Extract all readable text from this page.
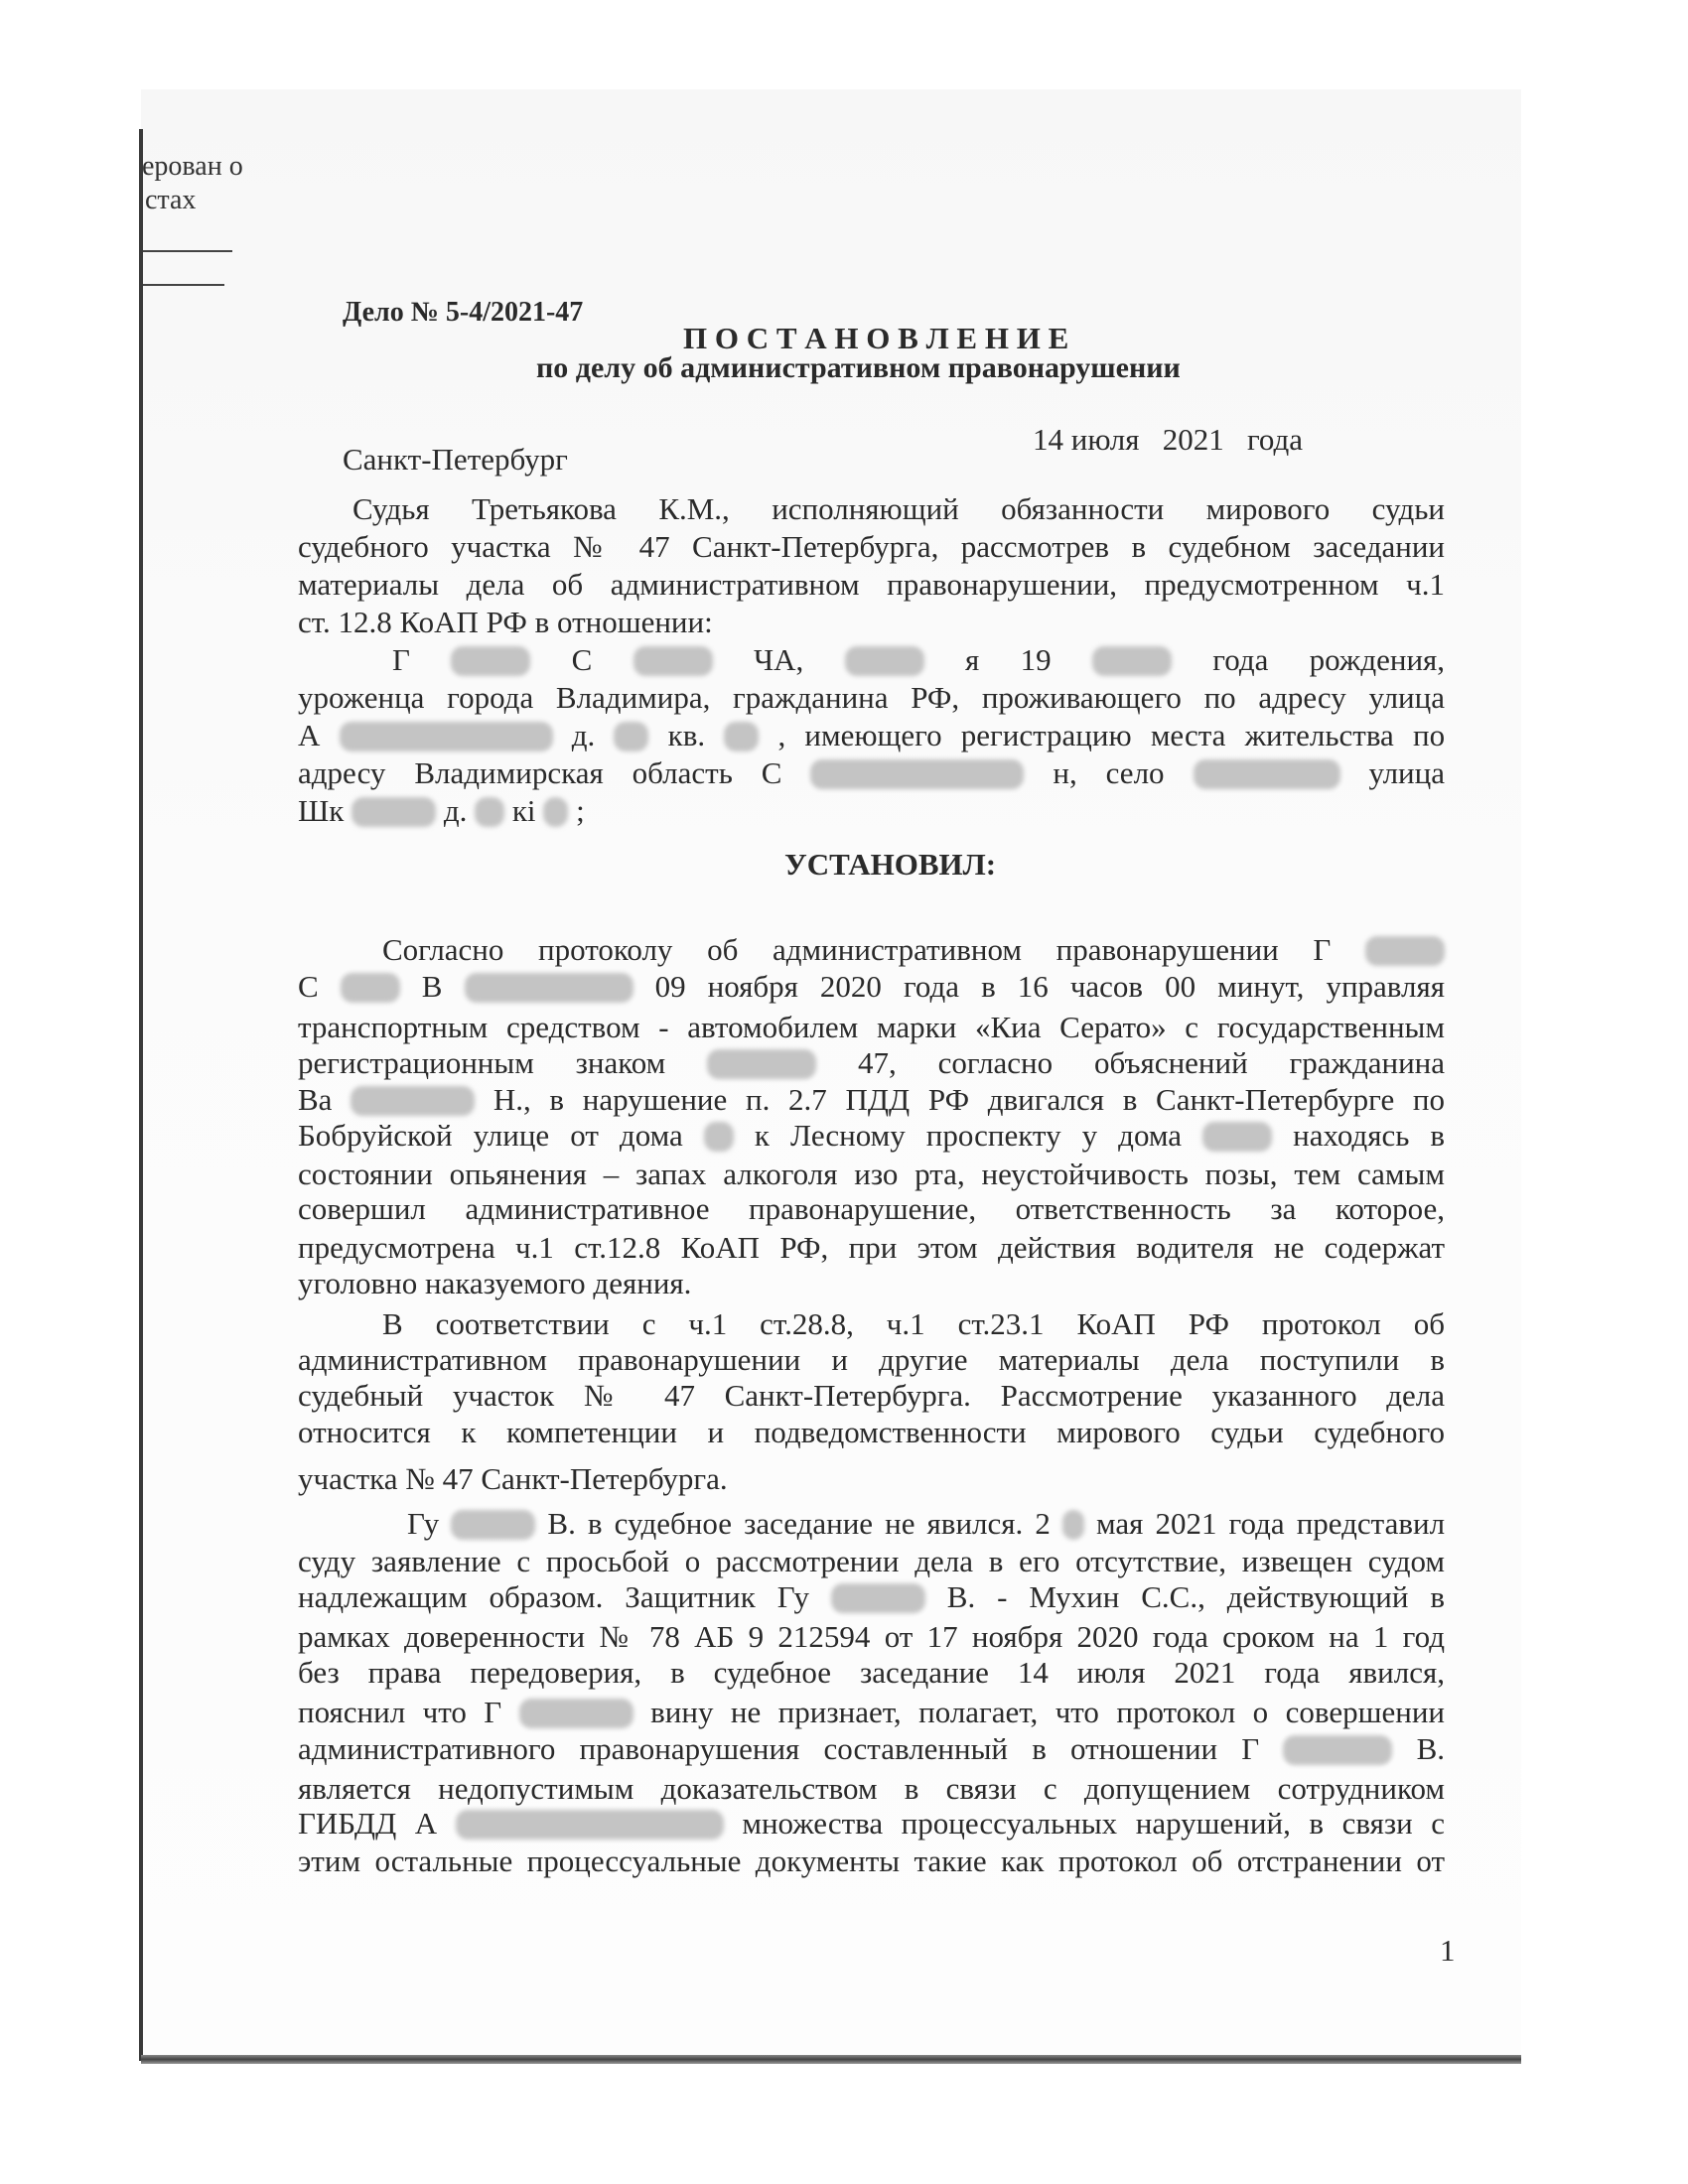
ерован о
стах
Дело № 5-4/2021-47
П О С Т А Н О В Л Е Н И Е
по делу об административном правонарушении
Санкт-Петербург
14 июля   2021   года
УСТАНОВИЛ:
Судья Третьякова К.М., исполняющий обязанности мирового судьи
судебного участка № 47 Санкт-Петербурга, рассмотрев в судебном заседании
материалы дела об административном правонарушении, предусмотренном ч.1
ст. 12.8 КоАП РФ в отношении:
Г	С	ЧА,	я 19	года рождения,
уроженца города Владимира, гражданина РФ, проживающего по адресу улица
А	д. кв. , имеющего регистрацию места жительства по
адресу Владимирская область С	н, село	улица
Шк	д. кі ;
Согласно протоколу об административном правонарушении Г
С	В	09 ноября 2020 года в 16 часов 00 минут, управляя
транспортным средством - автомобилем марки «Киа Серато» с государственным
регистрационным знаком	47, согласно объяснений гражданина
Ва	Н., в нарушение п. 2.7 ПДД РФ двигался в Санкт-Петербурге по
Бобруйской улице от дома к Лесному проспекту у дома	находясь в
состоянии опьянения – запах алкоголя изо рта, неустойчивость позы, тем самым
совершил административное правонарушение, ответственность за которое,
предусмотрена ч.1 ст.12.8 КоАП РФ, при этом действия водителя не содержат
уголовно наказуемого деяния.
В соответствии с ч.1 ст.28.8, ч.1 ст.23.1 КоАП РФ протокол об
административном правонарушении и другие материалы дела поступили в
судебный участок № 47 Санкт-Петербурга. Рассмотрение указанного дела
относится к компетенции и подведомственности мирового судьи судебного
участка № 47 Санкт-Петербурга.
Гу	В. в судебное заседание не явился. 2 мая 2021 года представил
суду заявление с просьбой о рассмотрении дела в его отсутствие, извещен судом
надлежащим образом. Защитник Гу	В. - Мухин С.С., действующий в
рамках доверенности № 78 АБ 9 212594 от 17 ноября 2020 года сроком на 1 год
без права передоверия, в судебное заседание 14 июля 2021 года явился,
пояснил что Г	вину не признает, полагает, что протокол о совершении
административного правонарушения составленный в отношении Г	В.
является недопустимым доказательством в связи с допущением сотрудником
ГИБДД А	множества процессуальных нарушений, в связи с
этим остальные процессуальные документы такие как протокол об отстранении от
1
